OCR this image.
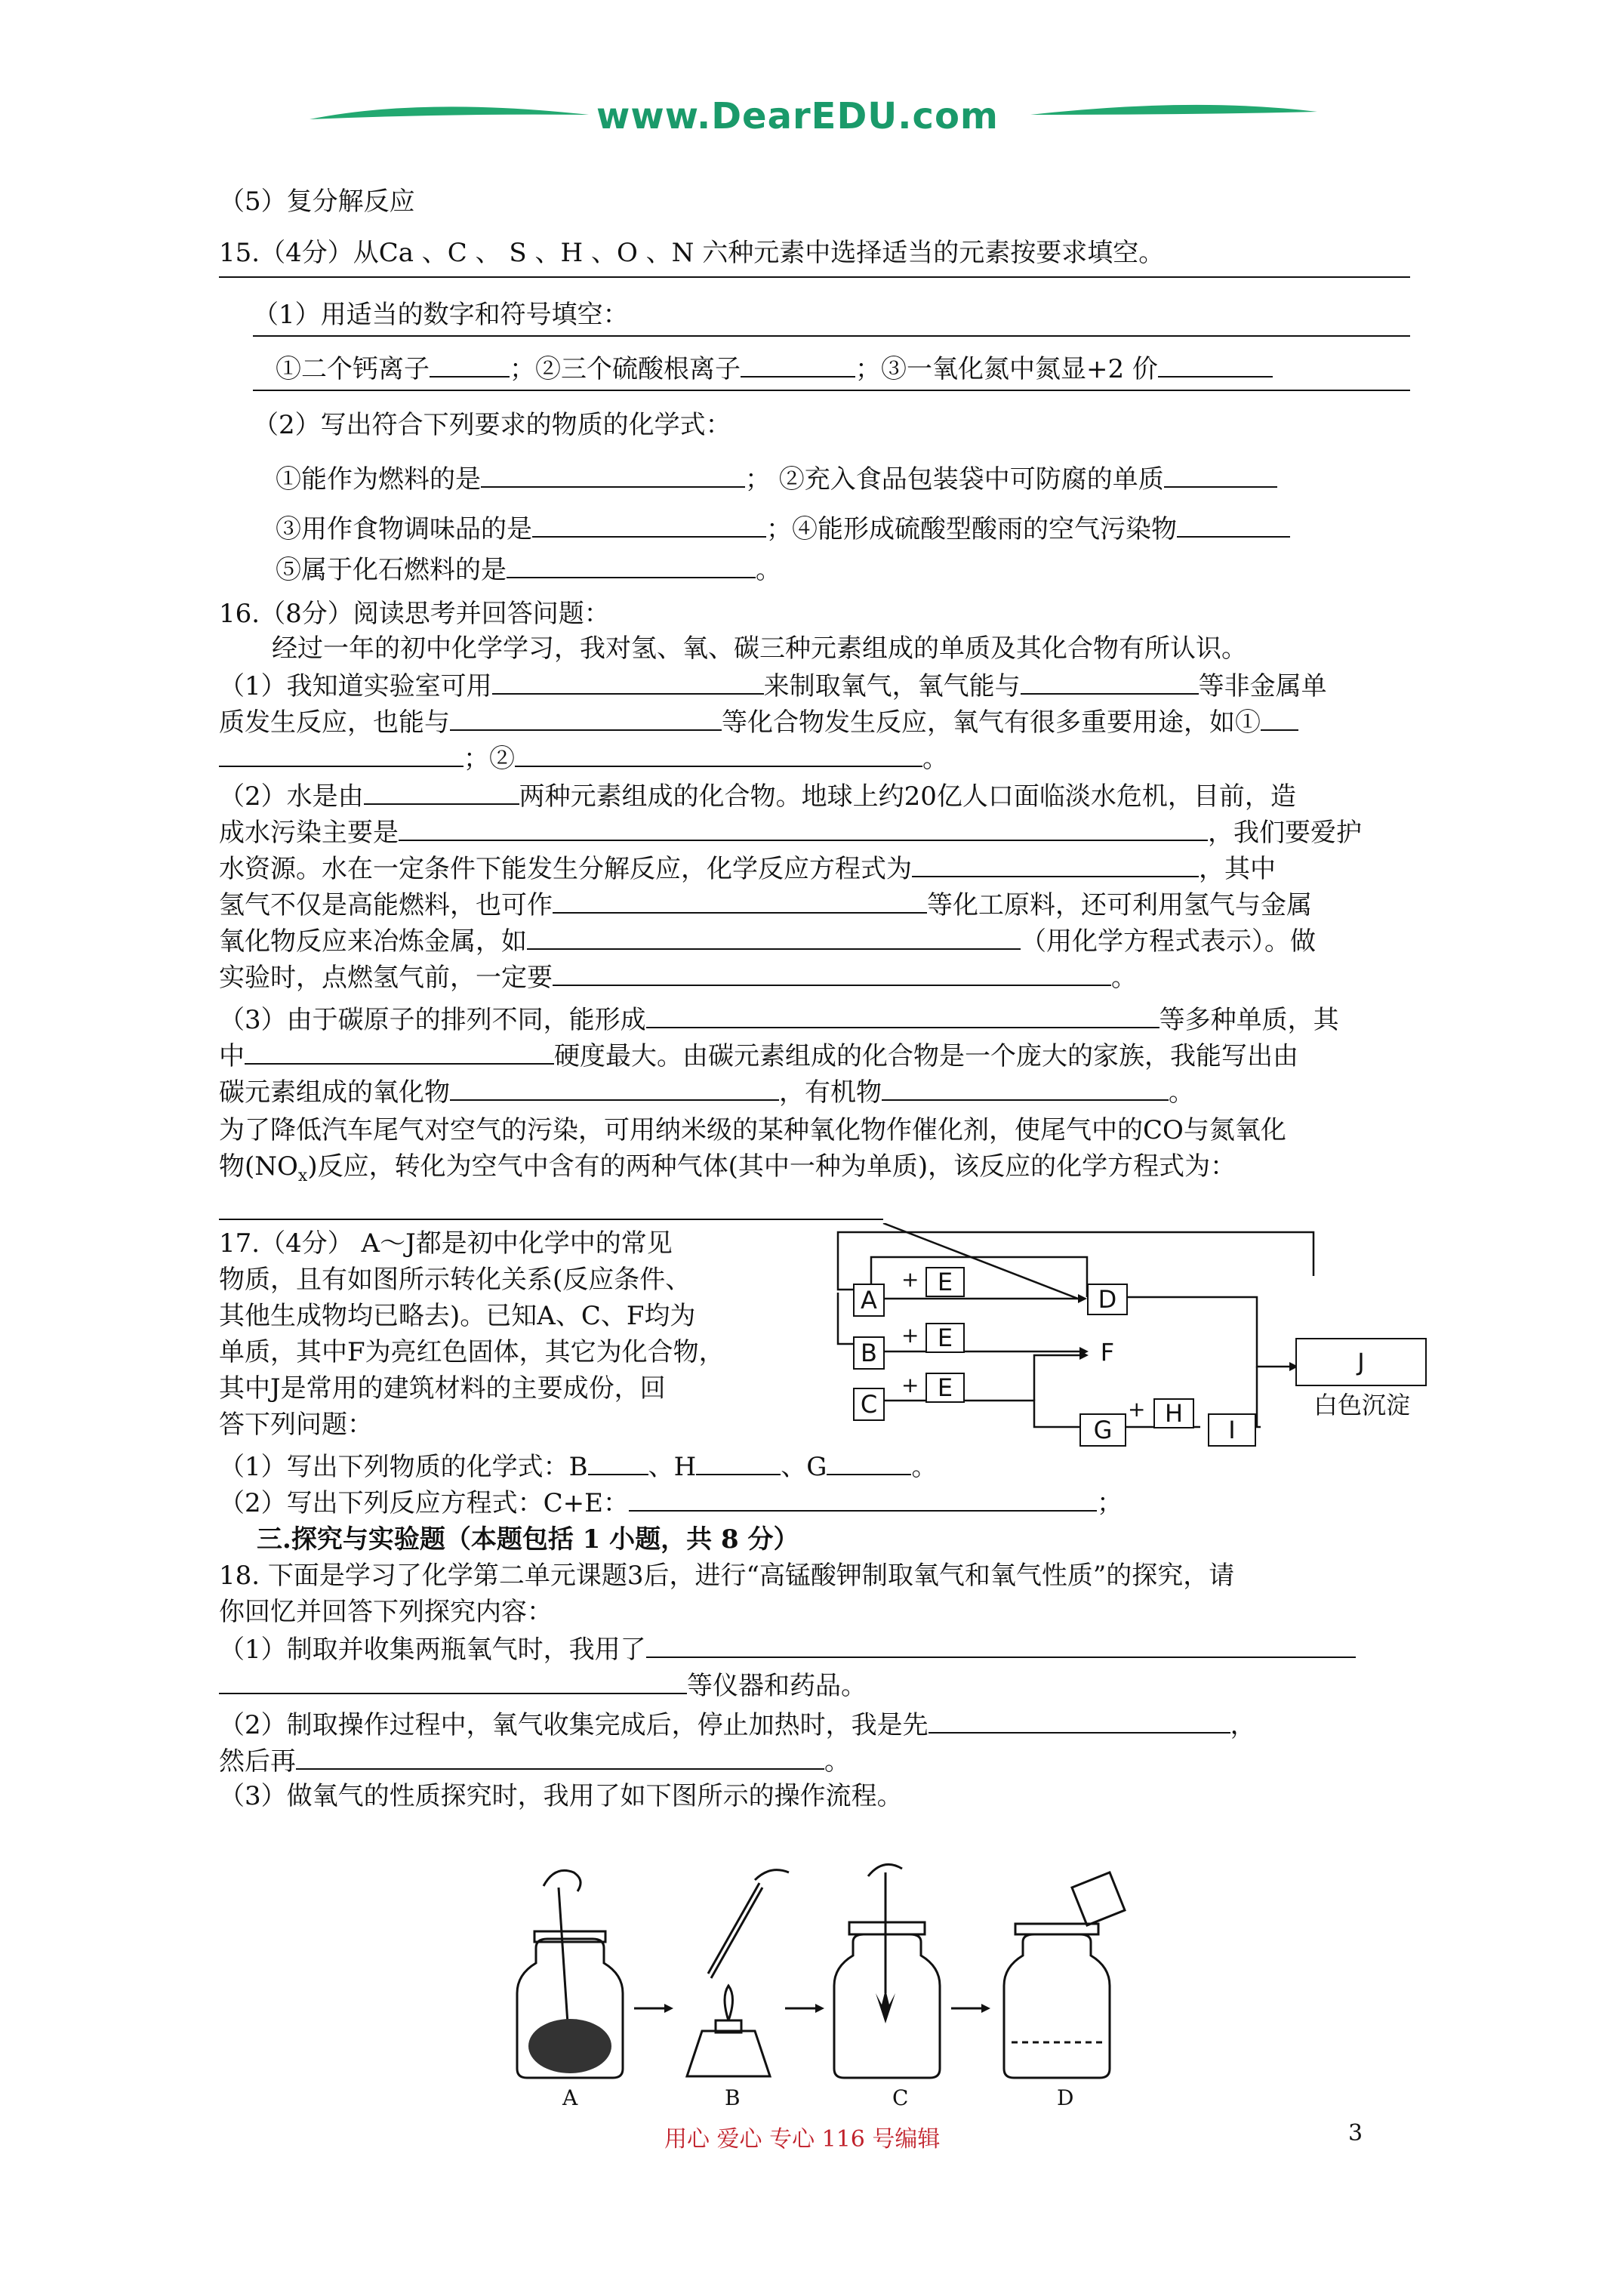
www.DearEDU.com
（5）复分解反应
15.（4分）从Ca 、C 、 S 、H 、O 、N 六种元素中选择适当的元素按要求填空。
（1）用适当的数字和符号填空：
①二个钙离子	；②三个硫酸根离子	；③一氧化氮中氮显+2 价
（2）写出符合下列要求的物质的化学式：
①能作为燃料的是	； ②充入食品包装袋中可防腐的单质
③用作食物调味品的是	；④能形成硫酸型酸雨的空气污染物
⑤属于化石燃料的是	。
16.（8分）阅读思考并回答问题：
经过一年的初中化学学习，我对氢、氧、碳三种元素组成的单质及其化合物有所认识。
（1）我知道实验室可用	来制取氧气，氧气能与	等非金属单
质发生反应，也能与	等化合物发生反应，氧气有很多重要用途，如①
；②	。
（2）水是由	两种元素组成的化合物。地球上约20亿人口面临淡水危机，目前，造
成水污染主要是	，我们要爱护
水资源。水在一定条件下能发生分解反应，化学反应方程式为	，其中
氢气不仅是高能燃料，也可作	等化工原料，还可利用氢气与金属
氧化物反应来冶炼金属，如	（用化学方程式表示）。做
实验时，点燃氢气前，一定要	。
（3）由于碳原子的排列不同，能形成	等多种单质，其
中	硬度最大。由碳元素组成的化合物是一个庞大的家族，我能写出由
碳元素组成的氧化物	，有机物	。
为了降低汽车尾气对空气的污染，可用纳米级的某种氧化物作催化剂，使尾气中的CO与氮氧化
物$(NO_x)$反应，转化为空气中含有的两种气体(其中一种为单质)，该反应的化学方程式为：
17.（4分） A～J都是初中化学中的常见
物质，且有如图所示转化关系(反应条件、
其他生成物均已略去)。已知A、C、F均为
单质，其中F为亮红色固体，其它为化合物，
其中J是常用的建筑材料的主要成份，回
答下列问题：
A
B
C
+ E
+ E
+ E
D
F
G
+ H
I
J
白色沉淀
（1）写出下列物质的化学式：B 、H	、G	。
（2）写出下列反应方程式：C+E：	；
三.探究与实验题（本题包括 1 小题，共 8 分）
18. 下面是学习了化学第二单元课题3后，进行“高锰酸钾制取氧气和氧气性质”的探究，请
你回忆并回答下列探究内容：
（1）制取并收集两瓶氧气时，我用了
等仪器和药品。
（2）制取操作过程中，氧气收集完成后，停止加热时，我是先	，
然后再	。
（3）做氧气的性质探究时，我用了如下图所示的操作流程。
A	B	C	D
用心 爱心 专心 116 号编辑	3
